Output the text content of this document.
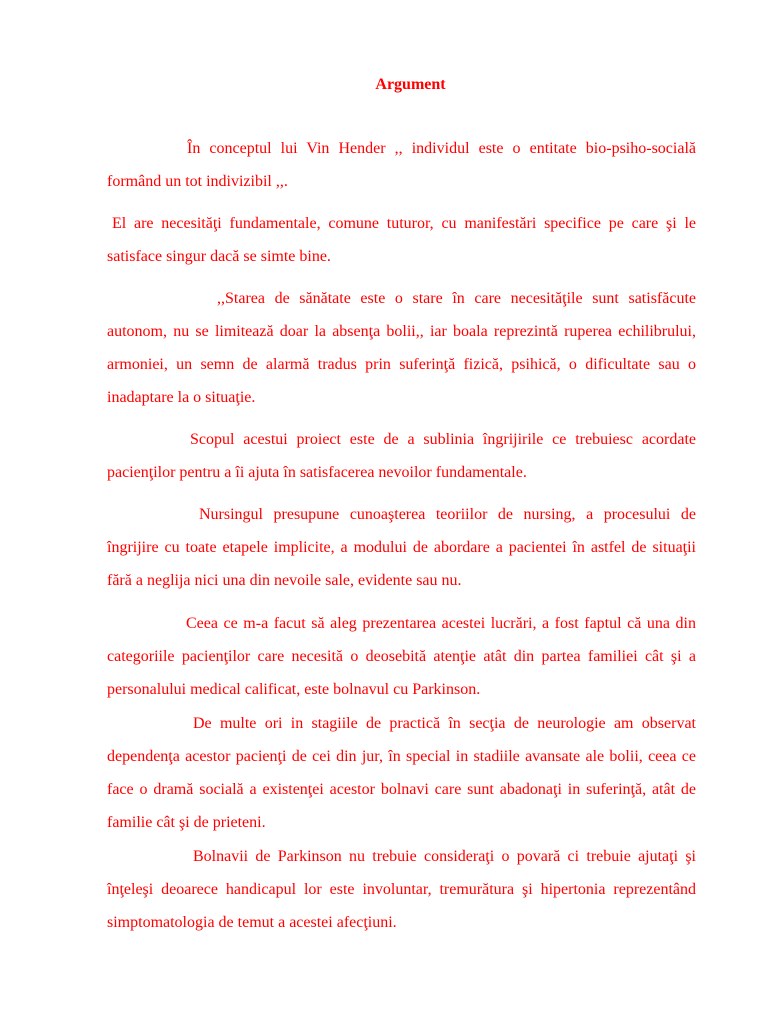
Argument

În conceptul lui Vin Hender ,, individul este o entitate bio-psiho-socială formând un tot indivizibil ,,.

El are necesităţi fundamentale, comune tuturor, cu manifestări specifice pe care şi le satisface singur dacă se simte bine.

,,Starea de sănătate este o stare în care necesităţile sunt satisfăcute autonom, nu se limitează doar la absenţa bolii,, iar boala reprezintă ruperea echilibrului, armoniei, un semn de alarmă tradus prin suferinţă fizică, psihică, o dificultate sau o inadaptare la o situaţie.

Scopul acestui proiect este de a sublinia îngrijirile ce trebuiesc acordate pacienţilor pentru a îi ajuta în satisfacerea nevoilor fundamentale.

Nursingul presupune cunoaşterea teoriilor de nursing, a procesului de îngrijire cu toate etapele implicite, a modului de abordare a pacientei în astfel de situaţii fără a neglija nici una din nevoile sale, evidente sau nu.

Ceea ce m-a facut să aleg prezentarea acestei lucrări, a fost faptul că una din categoriile pacienţilor care necesită o deosebită atenţie atât din partea familiei cât şi a personalului medical calificat, este bolnavul cu Parkinson.

De multe ori in stagiile de practică în secţia de neurologie am observat dependenţa acestor pacienţi de cei din jur, în special in stadiile avansate ale bolii, ceea ce face o dramă socială a existenţei acestor bolnavi care sunt abadonaţi in suferinţă, atât de familie cât şi de prieteni.

Bolnavii de Parkinson nu trebuie consideraţi o povară ci trebuie ajutaţi şi înţeleşi deoarece handicapul lor este involuntar, tremurătura şi hipertonia reprezentând simptomatologia de temut a acestei afecţiuni.
